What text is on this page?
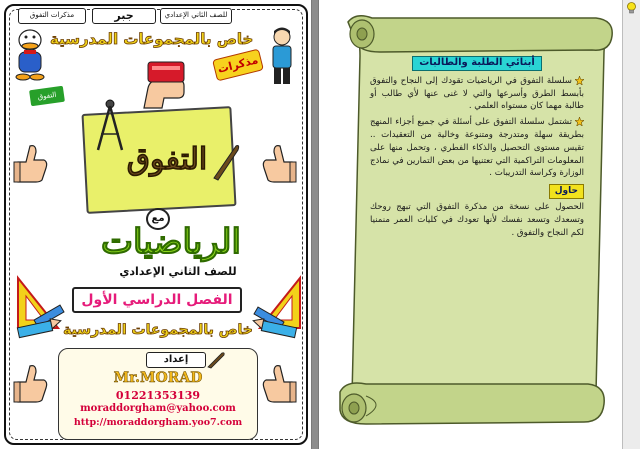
مذكرات التفوق	جبر	للصف الثاني الإعدادي
خاص بالمجموعات المدرسية
مذكرات
التفوق
التفوق
مع
الرياضيات
للصف الثاني الإعدادي
الفصل الدراسي الأول
خاص بالمجموعات المدرسية
إعداد
Mr.MORAD
01221353139
moraddorgham@yahoo.com
http://moraddorgham.yoo7.com
أبنائي الطلبة والطالبات

سلسلة التفوق في الرياضيات تقودك إلى النجاح والتفوق بأبسط الطرق وأسرعها والتي لا غنى عنها لأي طالب أو طالبة مهما كان مستواه العلمي .

تشتمل سلسلة التفوق على أسئلة في جميع أجزاء المنهج بطريقة سهلة ومتدرجة ومتنوعة وخالية من التعقيدات .. تقيس مستوى التحصيل والذكاء الفطري ، وتحمل منها على المعلومات التراكمية التي تعتنيها من بعض التمارين في نماذج الوزارة وكراسة التدريبات .

حاول

الحصول على نسخة من مذكرة التفوق التي تبهج روحك وتسعدك وتسعد نفسك لأنها تعودك في كليات العمر منمنيا لكم النجاح والتفوق .
